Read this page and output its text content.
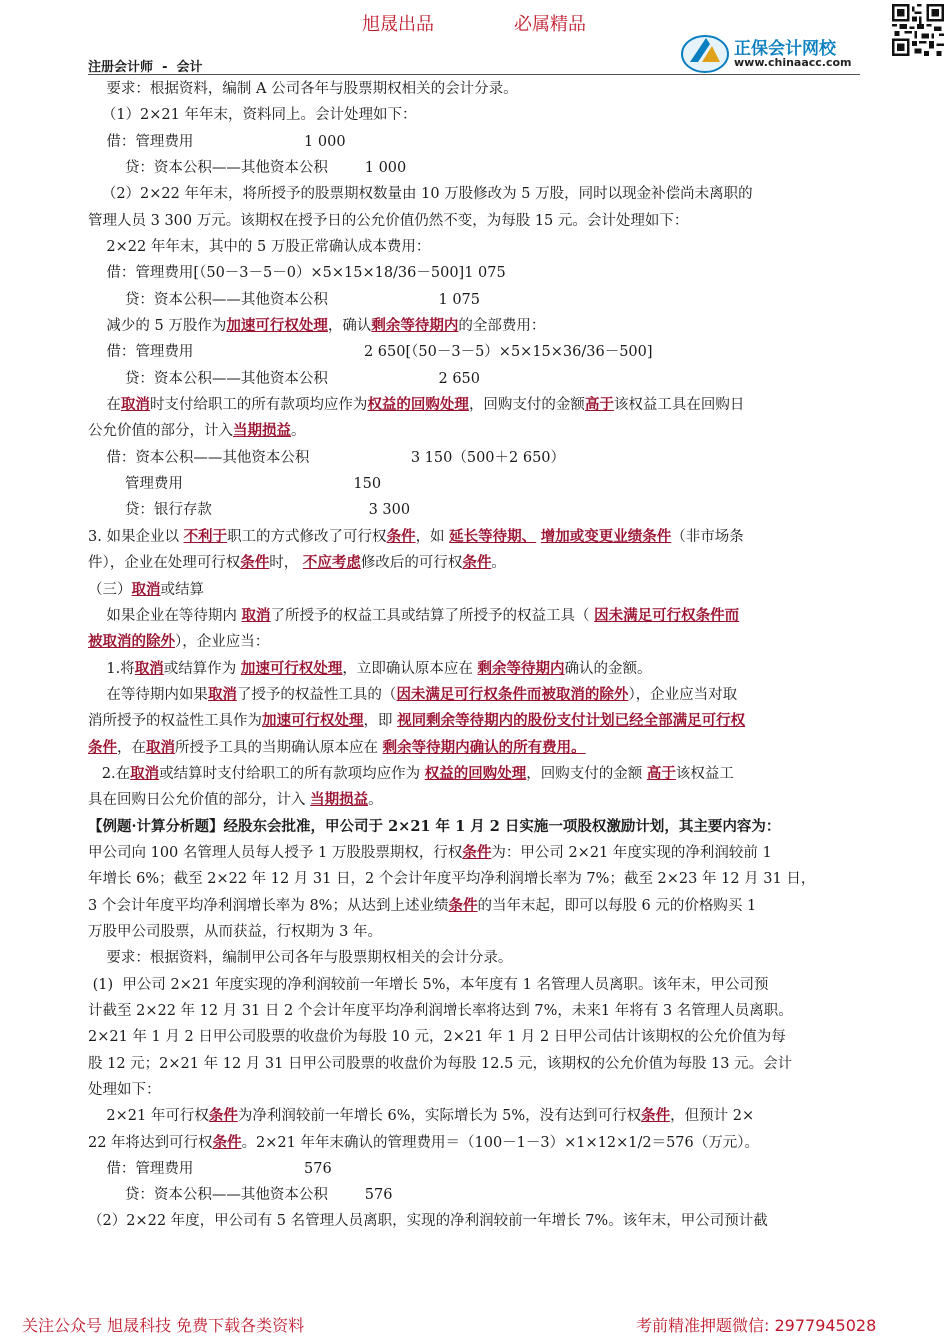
旭晟出品	必属精品
注册会计师 - 会计
正保会计网校
www.chinaacc.com
要求：根据资料，编制 A 公司各年与股票期权相关的会计分录。
（1）2×21 年年末，资料同上。会计处理如下：
借：管理费用                        1 000
贷：资本公积——其他资本公积        1 000
（2）2×22 年年末，将所授予的股票期权数量由 10 万股修改为 5 万股，同时以现金补偿尚未离职的
管理人员 3 300 万元。该期权在授予日的公允价值仍然不变，为每股 15 元。会计处理如下：
2×22 年年末，其中的 5 万股正常确认成本费用：
借：管理费用[（50－3－5－0）×5×15×18/36－500]1 075
贷：资本公积——其他资本公积                        1 075
减少的 5 万股作为加速可行权处理，确认剩余等待期内的全部费用：
借：管理费用                                     2 650[（50－3－5）×5×15×36/36－500]
贷：资本公积——其他资本公积                        2 650
在取消时支付给职工的所有款项均应作为权益的回购处理，回购支付的金额高于该权益工具在回购日
公允价值的部分，计入当期损益。
借：资本公积——其他资本公积                      3 150（500＋2 650）
管理费用                                     150
贷：银行存款                                  3 300
3. 如果企业以 不利于职工的方式修改了可行权条件，如 延长等待期、 增加或变更业绩条件（非市场条
件），企业在处理可行权条件时， 不应考虑修改后的可行权条件。
（三）取消或结算
如果企业在等待期内 取消了所授予的权益工具或结算了所授予的权益工具（ 因未满足可行权条件而
被取消的除外），企业应当：
1.将取消或结算作为 加速可行权处理，立即确认原本应在 剩余等待期内确认的金额。
在等待期内如果取消了授予的权益性工具的（因未满足可行权条件而被取消的除外），企业应当对取
消所授予的权益性工具作为加速可行权处理，即 视同剩余等待期内的股份支付计划已经全部满足可行权
条件，在取消所授予工具的当期确认原本应在 剩余等待期内确认的所有费用。
2.在取消或结算时支付给职工的所有款项均应作为 权益的回购处理，回购支付的金额 高于该权益工
具在回购日公允价值的部分，计入 当期损益。
【例题·计算分析题】经股东会批准，甲公司于 2×21 年 1 月 2 日实施一项股权激励计划，其主要内容为：
甲公司向 100 名管理人员每人授予 1 万股股票期权，行权条件为：甲公司 2×21 年度实现的净利润较前 1
年增长 6%；截至 2×22 年 12 月 31 日，2 个会计年度平均净利润增长率为 7%；截至 2×23 年 12 月 31 日，
3 个会计年度平均净利润增长率为 8%；从达到上述业绩条件的当年末起，即可以每股 6 元的价格购买 1
万股甲公司股票，从而获益，行权期为 3 年。
要求：根据资料，编制甲公司各年与股票期权相关的会计分录。
(1)  甲公司 2×21 年度实现的净利润较前一年增长 5%，本年度有 1 名管理人员离职。该年末，甲公司预
计截至 2×22 年 12 月 31 日 2 个会计年度平均净利润增长率将达到 7%，未来1 年将有 3 名管理人员离职。
2×21 年 1 月 2 日甲公司股票的收盘价为每股 10 元，2×21 年 1 月 2 日甲公司估计该期权的公允价值为每
股 12 元；2×21 年 12 月 31 日甲公司股票的收盘价为每股 12.5 元，该期权的公允价值为每股 13 元。会计
处理如下：
2×21 年可行权条件为净利润较前一年增长 6%，实际增长为 5%，没有达到可行权条件，但预计 2×
22 年将达到可行权条件。2×21 年年末确认的管理费用＝（100－1－3）×1×12×1/2＝576（万元）。
借：管理费用                        576
贷：资本公积——其他资本公积        576
（2）2×22 年度，甲公司有 5 名管理人员离职，实现的净利润较前一年增长 7%。该年末，甲公司预计截
关注公众号 旭晟科技 免费下载各类资料	考前精准押题微信: 2977945028
